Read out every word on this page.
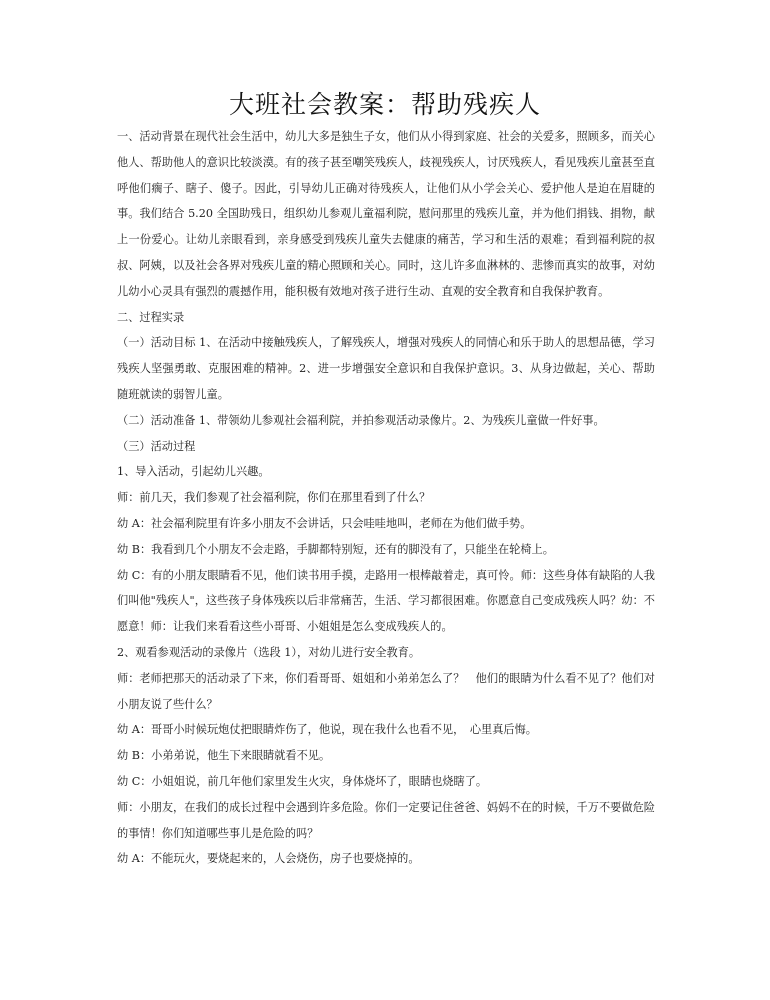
大班社会教案：帮助残疾人

一、活动背景在现代社会生活中，幼儿大多是独生子女，他们从小得到家庭、社会的关爱多，照顾多，而关心他人、帮助他人的意识比较淡漠。有的孩子甚至嘲笑残疾人，歧视残疾人，讨厌残疾人，看见残疾儿童甚至直呼他们瘸子、瞎子、傻子。因此，引导幼儿正确对待残疾人，让他们从小学会关心、爱护他人是迫在眉睫的事。我们结合 5.20 全国助残日，组织幼儿参观儿童福利院，慰问那里的残疾儿童，并为他们捐钱、捐物，献上一份爱心。让幼儿亲眼看到，亲身感受到残疾儿童失去健康的痛苦，学习和生活的艰难；看到福利院的叔叔、阿姨，以及社会各界对残疾儿童的精心照顾和关心。同时，这儿许多血淋林的、悲惨而真实的故事，对幼儿幼小心灵具有强烈的震撼作用，能积极有效地对孩子进行生动、直观的安全教育和自我保护教育。

二、过程实录

（一）活动目标 1、在活动中接触残疾人，了解残疾人，增强对残疾人的同情心和乐于助人的思想品德，学习残疾人坚强勇敢、克服困难的精神。2、进一步增强安全意识和自我保护意识。3、从身边做起，关心、帮助随班就读的弱智儿童。

（二）活动准备 1、带领幼儿参观社会福利院，并拍参观活动录像片。2、为残疾儿童做一件好事。

（三）活动过程

1、导入活动，引起幼儿兴趣。

师：前几天，我们参观了社会福利院，你们在那里看到了什么？

幼 A：社会福利院里有许多小朋友不会讲话，只会哇哇地叫，老师在为他们做手势。

幼 B：我看到几个小朋友不会走路，手脚都特别短，还有的脚没有了，只能坐在轮椅上。

幼 C：有的小朋友眼睛看不见，他们读书用手摸，走路用一根棒敲着走，真可怜。师：这些身体有缺陷的人我们叫他"残疾人"，这些孩子身体残疾以后非常痛苦，生活、学习都很困难。你愿意自己变成残疾人吗？幼：不愿意！师：让我们来看看这些小哥哥、小姐姐是怎么变成残疾人的。

2、观看参观活动的录像片（选段 1），对幼儿进行安全教育。

师：老师把那天的活动录了下来，你们看哥哥、姐姐和小弟弟怎么了？　他们的眼睛为什么看不见了？他们对小朋友说了些什么？

幼 A：哥哥小时候玩炮仗把眼睛炸伤了，他说，现在我什么也看不见，　心里真后悔。

幼 B：小弟弟说，他生下来眼睛就看不见。

幼 C：小姐姐说，前几年他们家里发生火灾，身体烧坏了，眼睛也烧瞎了。

师：小朋友，在我们的成长过程中会遇到许多危险。你们一定要记住爸爸、妈妈不在的时候，千万不要做危险的事情！你们知道哪些事儿是危险的吗？

幼 A：不能玩火，要烧起来的，人会烧伤，房子也要烧掉的。
